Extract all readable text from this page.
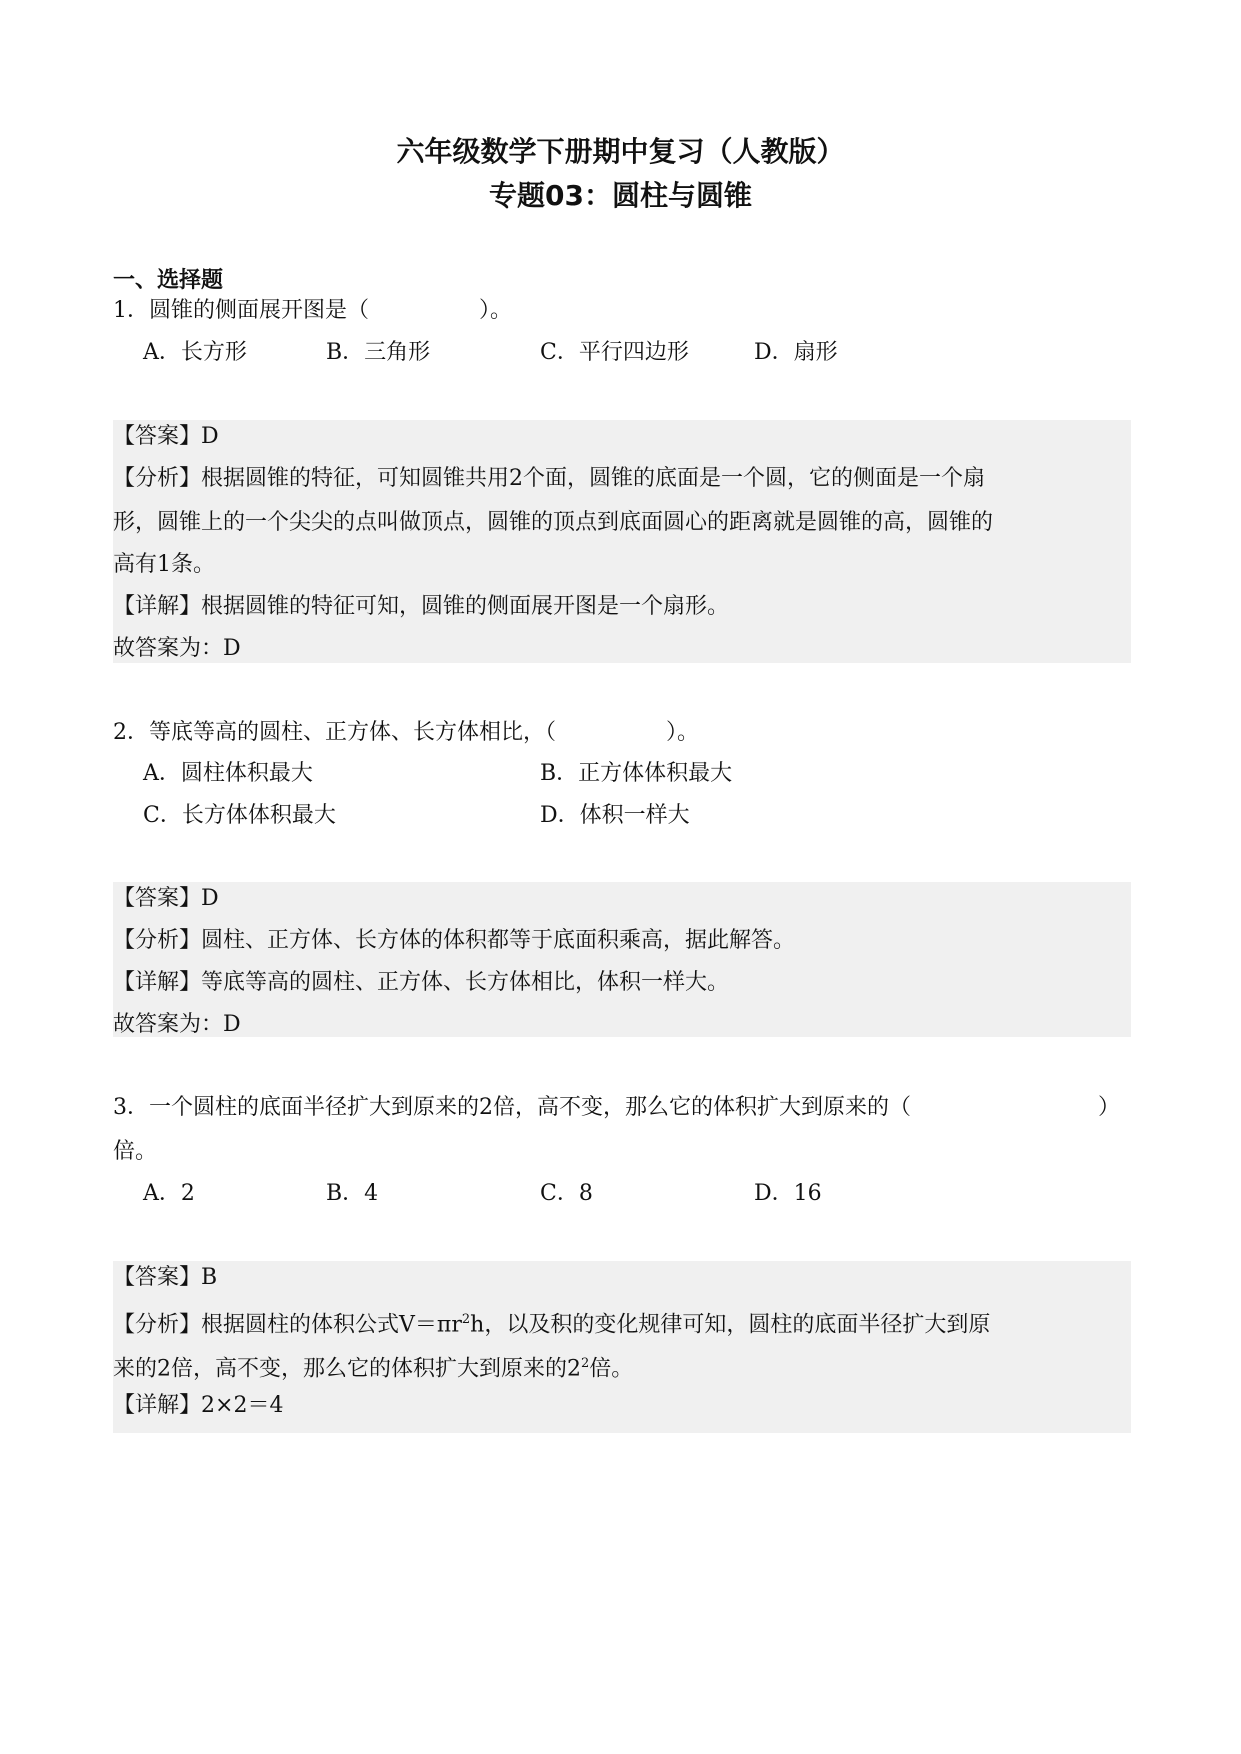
六年级数学下册期中复习（人教版）
专题03：圆柱与圆锥
一、选择题
1．圆锥的侧面展开图是（　　　　　）。
A．长方形	B．三角形	C．平行四边形	D．扇形
【答案】D
【分析】根据圆锥的特征，可知圆锥共用2个面，圆锥的底面是一个圆，它的侧面是一个扇
形，圆锥上的一个尖尖的点叫做顶点，圆锥的顶点到底面圆心的距离就是圆锥的高，圆锥的
高有1条。
【详解】根据圆锥的特征可知，圆锥的侧面展开图是一个扇形。
故答案为：D
2．等底等高的圆柱、正方体、长方体相比，（　　　　　）。
A．圆柱体积最大	B．正方体体积最大
C．长方体体积最大	D．体积一样大
【答案】D
【分析】圆柱、正方体、长方体的体积都等于底面积乘高，据此解答。
【详解】等底等高的圆柱、正方体、长方体相比，体积一样大。
故答案为：D
3．一个圆柱的底面半径扩大到原来的2倍，高不变，那么它的体积扩大到原来的（	）
倍。
A．2	B．4	C．8	D．16
【答案】B
【分析】根据圆柱的体积公式$V=\pi r^2h$，以及积的变化规律可知，圆柱的底面半径扩大到原
来的2倍，高不变，那么它的体积扩大到原来的$2^2$倍。
【详解】2×2＝4
